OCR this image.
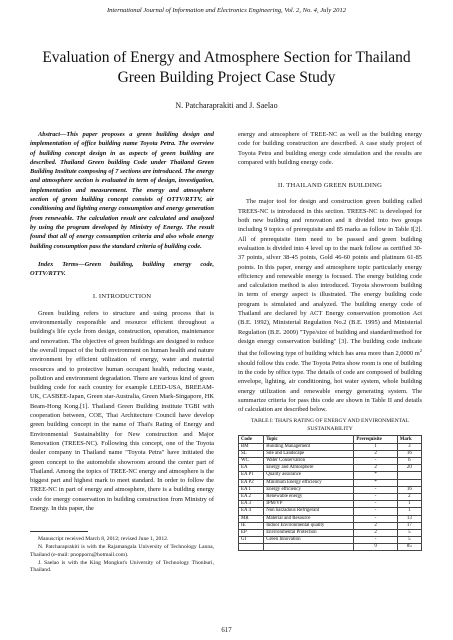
International Journal of Information and Electronics Engineering, Vol. 2, No. 4, July 2012
Evaluation of Energy and Atmosphere Section for Thailand Green Building Project Case Study
N. Patcharaprakiti and J. Saelao

Abstract—This paper proposes a green building design and implementation of office building name Toyota Petra. The overview of building concept design in as aspects of green building are described. Thailand Green building Code under Thailand Green Building Institute composing of 7 sections are introduced. The energy and atmosphere section is evaluated in term of design, investigation, implementation and measurement. The energy and atmosphere section of green building concept consists of OTTV/RTTV, air conditioning and lighting energy consumption and energy generation from renewable. The calculation result are calculated and analyzed by using the program developed by Ministry of Energy. The result found that all of energy consumption criteria and also whole energy building consumption pass the standard criteria of building code.

Index Terms—Green building, building energy code, OTTV/RTTV.

I. INTRODUCTION

Green building refers to structure and using process that is environmentally responsible and resource efficient throughout a building's life cycle from design, construction, operation, maintenance and renovation. The objective of green buildings are designed to reduce the overall impact of the built environment on human health and nature environment by efficient utilization of energy, water and material resources and to protective human occupant health, reducing waste, pollution and environment degradation. There are various kind of green building code for each country for example LEED-USA, BREEAM-UK, CASBEE-Japan, Green star-Australia, Green Mark-Singapore, HK Beam-Hong Kong.[1]. Thailand Green Building institute TGBI with cooperation between, COE, Thai Architecture Council have develop green building concept in the name of Thai's Rating of Energy and Environmental Sustainability for New construction and Major Renovation (TREES-NC). Following this concept, one of the Toyota dealer company in Thailand name "Toyota Petra" have initiated the green concept to the automobile showroom around the center part of Thailand. Among the topics of TREE-NC energy and atmosphere is the biggest part and highest mark to meet standard. In order to follow the TREE-NC in part of energy and atmosphere, there is a building energy code for energy conservation in building construction from Ministry of Energy. In this paper, the

Manuscript received March 8, 2012; revised June 1, 2012.

N. Patcharaprakiti is with the Rajamangala University of Technology Lanna, Thailand (e-mail: pnopporn@hotmail.com).

J. Saelao is with the King Mongkut's University of Technology Thonburi, Thailand.

energy and atmosphere of TREE-NC as well as the building energy code for building construction are described. A case study project of Toyota Petra and building energy code simulation and the results are compared with building energy code.

II. THAILAND GREEN BUILDING

The major tool for design and construction green building called TREES-NC is introduced in this section. TREES-NC is developed for both new building and renovation and it divided into two groups including 9 topics of prerequisite and 85 marks as follow in Table I[2]. All of prerequisite item need to be passed and green building evaluation is divided into 4 level up to the mark follow as certified 30-37 points, silver 38-45 points, Gold 46-60 points and platinum 61-85 points. In this paper, energy and atmosphere topic particularly energy efficiency and renewable energy is focused. The energy building code and calculation method is also introduced. Toyota showroom building in term of energy aspect is illustrated. The energy building code program is simulated and analyzed. The building energy code of Thailand are declared by ACT Energy conservation promotion Act (B.E. 1992), Ministerial Regulation No.2 (B.E. 1995) and Ministerial Regulation (B.E. 2009) "Type/size of building and standard/method for design energy conservation building" [3]. The building code indicate that the following type of building which has area more than 2,0000 $m^2$ should follow this code. The Toyota Petra show room is one of building in the code by office type. The details of code are composed of building envelope, lighting, air conditioning, hot water system, whole building energy utilization and renewable energy generating system. The summarize criteria for pass this code are shown in Table II and details of calculation are described below.

TABLE I: THAI'S RATING OF ENERGY AND ENVIRONMENTAL
SUSTAINABILITY
Code	Topic	Prerequisite	Mark
BM	Building Management	1	3
SL	Site and Landscape	2	16
WC	Water Conservation	-	6
EA	Energy and Atmosphere	2	20
EA P1	Quality assurance	*	
EA P2	Minimum Energy efficiency	*	
EA 1	Energy efficiency	-	16
EA 2	Renewable energy	-	2
EA 3	IPM/VP	-	1
EA 4	Non harzadous Refrigerant	-	1
MR	Material and Resource	-	13
IE	Indoor Environmental quality	2	17
EP	Environmental Protection	2	5
GI	Green Innovation	-	5
		9	85
617
